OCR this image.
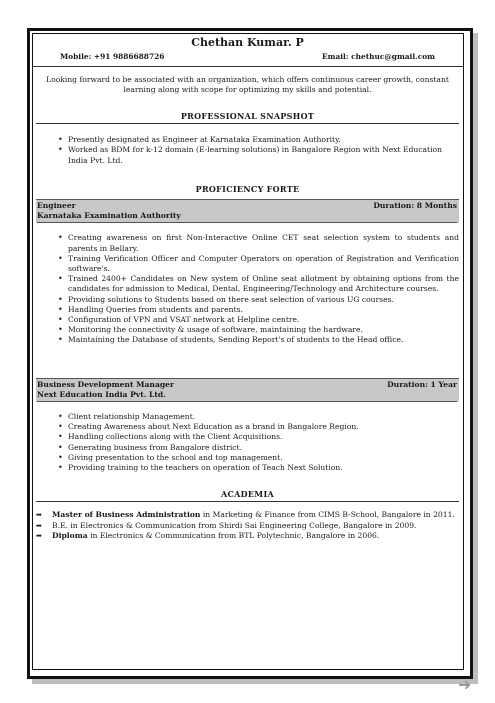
Chethan Kumar. P
Mobile: +91 9886688726	Email: chethuc@gmail.com
Looking forward to be associated with an organization, which offers continuous career growth, constant learning along with scope for optimizing my skills and potential.
PROFESSIONAL SNAPSHOT
• Presently designated as Engineer at Karnataka Examination Authority.
• Worked as BDM for k-12 domain (E-learning solutions) in Bangalore Region with Next Education India Pvt. Ltd.
PROFICIENCY FORTE
Engineer	Duration: 8 Months
Karnataka Examination Authority
• Creating awareness on first Non-Interactive Online CET seat selection system to students and parents in Bellary.
• Training Verification Officer and Computer Operators on operation of Registration and Verification software's.
• Trained 2400+ Candidates on New system of Online seat allotment by obtaining options from the candidates for admission to Medical, Dental, Engineering/Technology and Architecture courses.
• Providing solutions to Students based on there seat selection of various UG courses.
• Handling Queries from students and parents.
• Configuration of VPN and VSAT network at Helpline centre.
• Monitoring the connectivity & usage of software, maintaining the hardware.
• Maintaining the Database of students, Sending Report's of students to the Head office.
Business Development Manager	Duration: 1 Year
Next Education India Pvt. Ltd.
• Client relationship Management.
• Creating Awareness about Next Education as a brand in Bangalore Region.
• Handling collections along with the Client Acquisitions.
• Generating business from Bangalore district.
• Giving presentation to the school and top management.
• Providing training to the teachers on operation of Teach Next Solution.
ACADEMIA
➡ Master of Business Administration in Marketing & Finance from CIMS B-School, Bangalore in 2011.
➡ B.E. in Electronics & Communication from Shirdi Sai Engineering College, Bangalore in 2009.
➡ Diploma in Electronics & Communication from BTL Polytechnic, Bangalore in 2006.
➜
